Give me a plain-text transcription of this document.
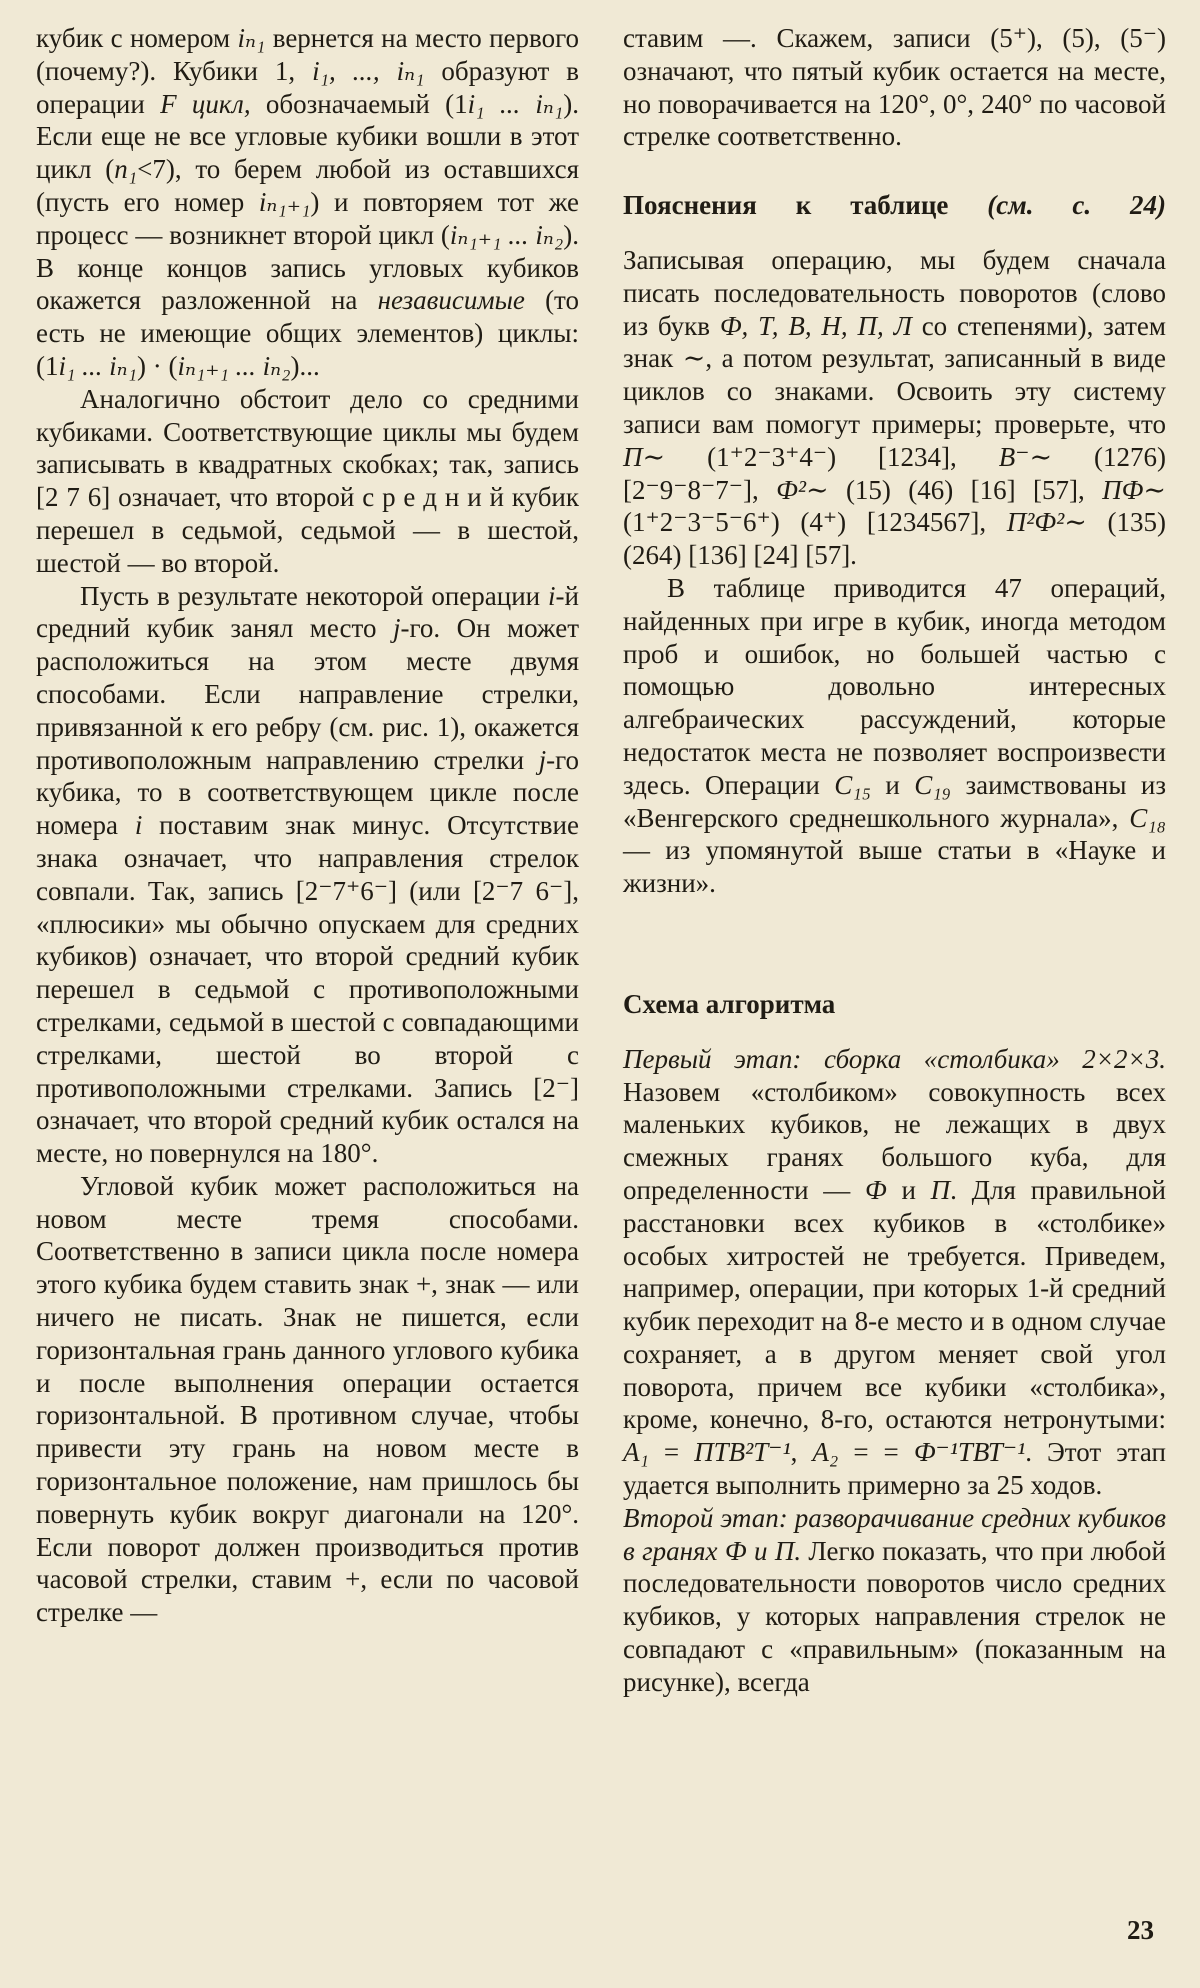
кубик с номером iₙ₁ вернется на место первого (почему?). Кубики 1, i₁, ..., iₙ₁ образуют в операции F цикл, обозначаемый (1i₁ ... iₙ₁). Если еще не все угловые кубики вошли в этот цикл (n₁<7), то берем любой из оставшихся (пусть его номер iₙ₁₊₁) и повторяем тот же процесс — возникнет второй цикл (iₙ₁₊₁ ... iₙ₂). В конце концов запись угловых кубиков окажется разложенной на независимые (то есть не имеющие общих элементов) циклы: (1i₁ ... iₙ₁) · (iₙ₁₊₁ ... iₙ₂)...

Аналогично обстоит дело со средними кубиками. Соответствующие циклы мы будем записывать в квадратных скобках; так, запись [2 7 6] означает, что второй с р е д н и й кубик перешел в седьмой, седьмой — в шестой, шестой — во второй.

Пусть в результате некоторой операции i-й средний кубик занял место j-го. Он может расположиться на этом месте двумя способами. Если направление стрелки, привязанной к его ребру (см. рис. 1), окажется противоположным направлению стрелки j-го кубика, то в соответствующем цикле после номера i поставим знак минус. Отсутствие знака означает, что направления стрелок совпали. Так, запись [2⁻7⁺6⁻] (или [2⁻7 6⁻], «плюсики» мы обычно опускаем для средних кубиков) означает, что второй средний кубик перешел в седьмой с противоположными стрелками, седьмой в шестой с совпадающими стрелками, шестой во второй с противоположными стрелками. Запись [2⁻] означает, что второй средний кубик остался на месте, но повернулся на 180°.

Угловой кубик может расположиться на новом месте тремя способами. Соответственно в записи цикла после номера этого кубика будем ставить знак +, знак — или ничего не писать. Знак не пишется, если горизонтальная грань данного углового кубика и после выполнения операции остается горизонтальной. В противном случае, чтобы привести эту грань на новом месте в горизонтальное положение, нам пришлось бы повернуть кубик вокруг диагонали на 120°. Если поворот должен производиться против часовой стрелки, ставим +, если по часовой стрелке —

ставим —. Скажем, записи (5⁺), (5), (5⁻) означают, что пятый кубик остается на месте, но поворачивается на 120°, 0°, 240° по часовой стрелке соответственно.

Пояснения к таблице (см. с. 24)

Записывая операцию, мы будем сначала писать последовательность поворотов (слово из букв Ф, Т, В, Н, П, Л со степенями), затем знак ∼, а потом результат, записанный в виде циклов со знаками. Освоить эту систему записи вам помогут примеры; проверьте, что П∼ (1⁺2⁻3⁺4⁻) [1234], В⁻∼ (1276) [2⁻9⁻8⁻7⁻], Ф²∼ (15) (46) [16] [57], ПФ∼ (1⁺2⁻3⁻5⁻6⁺) (4⁺) [1234567], П²Ф²∼ (135) (264) [136] [24] [57].

В таблице приводится 47 операций, найденных при игре в кубик, иногда методом проб и ошибок, но большей частью с помощью довольно интересных алгебраических рассуждений, которые недостаток места не позволяет воспроизвести здесь. Операции С₁₅ и С₁₉ заимствованы из «Венгерского среднешкольного журнала», С₁₈ — из упомянутой выше статьи в «Науке и жизни».

Схема алгоритма

Первый этап: сборка «столбика» 2×2×3. Назовем «столбиком» совокупность всех маленьких кубиков, не лежащих в двух смежных гранях большого куба, для определенности — Ф и П. Для правильной расстановки всех кубиков в «столбике» особых хитростей не требуется. Приведем, например, операции, при которых 1-й средний кубик переходит на 8-е место и в одном случае сохраняет, а в другом меняет свой угол поворота, причем все кубики «столбика», кроме, конечно, 8-го, остаются нетронутыми: А₁ = ПТВ²Т⁻¹, А₂ = = Ф⁻¹ТВТ⁻¹. Этот этап удается выполнить примерно за 25 ходов.

Второй этап: разворачивание средних кубиков в гранях Ф и П. Легко показать, что при любой последовательности поворотов число средних кубиков, у которых направления стрелок не совпадают с «правильным» (показанным на рисунке), всегда

23
